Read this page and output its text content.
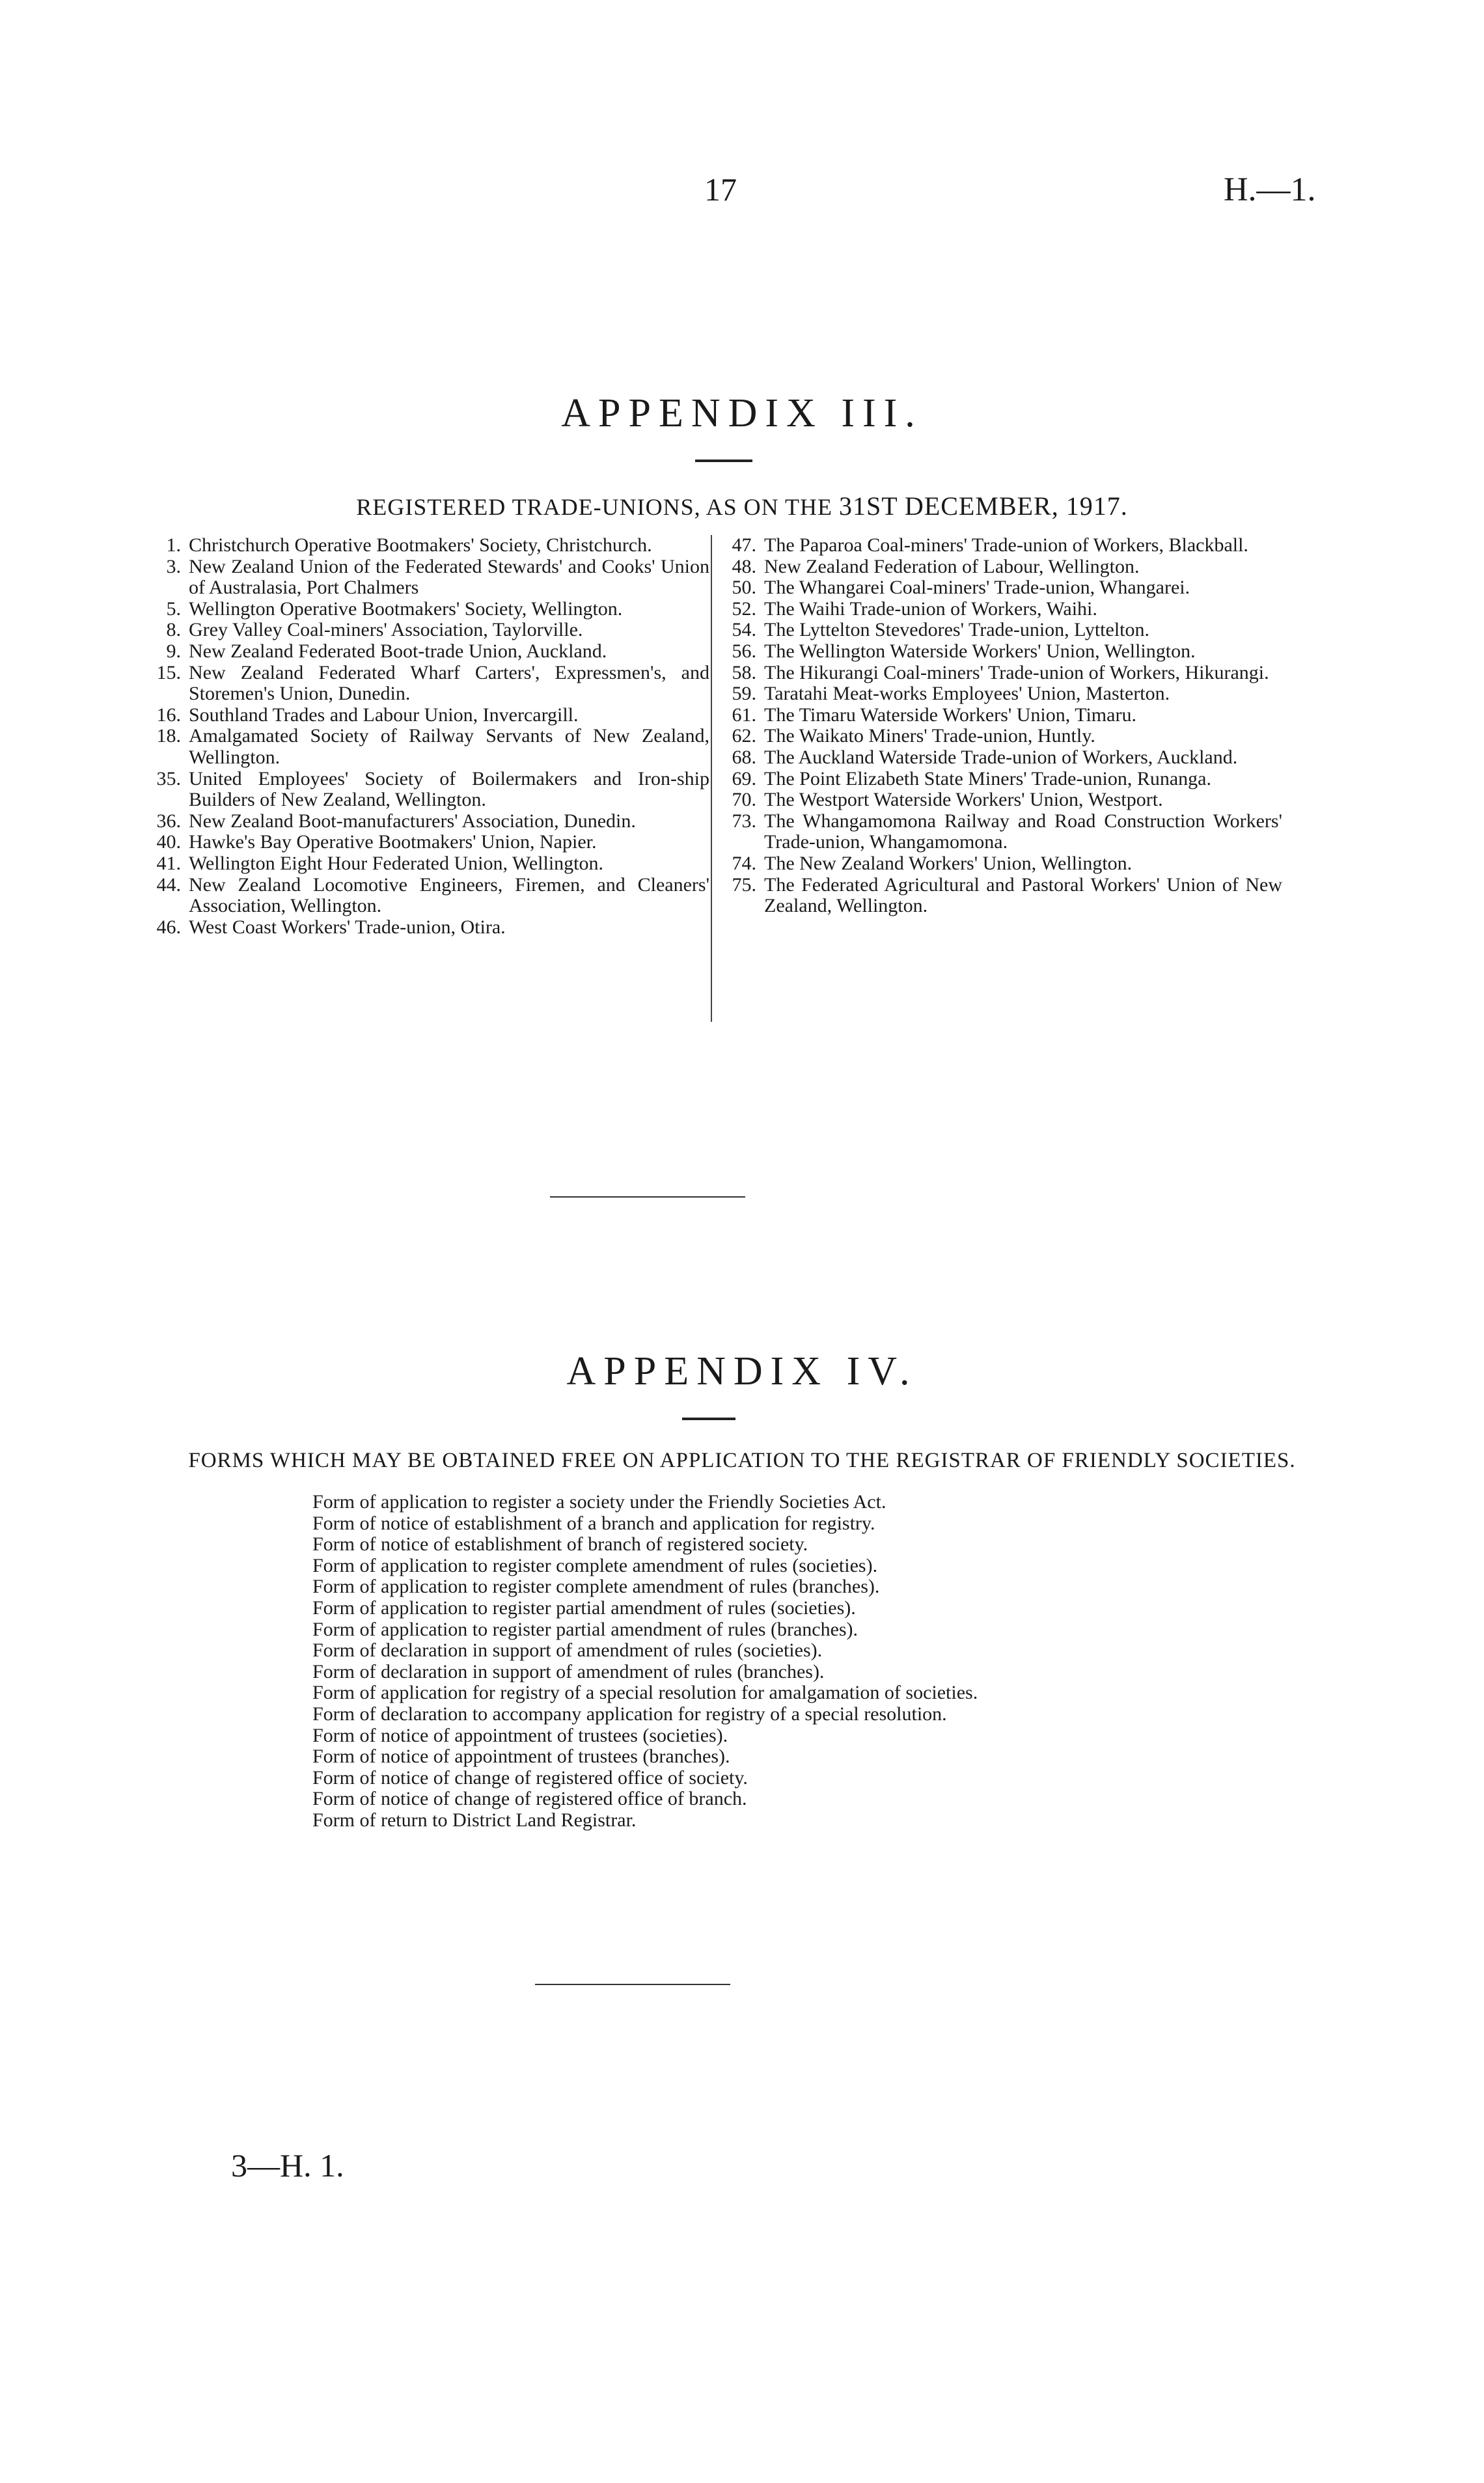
17	H.—1.
APPENDIX III.
REGISTERED TRADE-UNIONS, AS ON THE 31ST DECEMBER, 1917.
1. Christchurch Operative Bootmakers' Society, Christchurch.
3. New Zealand Union of the Federated Stewards' and Cooks' Union of Australasia, Port Chalmers
5. Wellington Operative Bootmakers' Society, Wellington.
8. Grey Valley Coal-miners' Association, Taylorville.
9. New Zealand Federated Boot-trade Union, Auckland.
15. New Zealand Federated Wharf Carters', Expressmen's, and Storemen's Union, Dunedin.
16. Southland Trades and Labour Union, Invercargill.
18. Amalgamated Society of Railway Servants of New Zealand, Wellington.
35. United Employees' Society of Boilermakers and Iron-ship Builders of New Zealand, Wellington.
36. New Zealand Boot-manufacturers' Association, Dunedin.
40. Hawke's Bay Operative Bootmakers' Union, Napier.
41. Wellington Eight Hour Federated Union, Wellington.
44. New Zealand Locomotive Engineers, Firemen, and Cleaners' Association, Wellington.
46. West Coast Workers' Trade-union, Otira.
47. The Paparoa Coal-miners' Trade-union of Workers, Blackball.
48. New Zealand Federation of Labour, Wellington.
50. The Whangarei Coal-miners' Trade-union, Whangarei.
52. The Waihi Trade-union of Workers, Waihi.
54. The Lyttelton Stevedores' Trade-union, Lyttelton.
56. The Wellington Waterside Workers' Union, Wellington.
58. The Hikurangi Coal-miners' Trade-union of Workers, Hikurangi.
59. Taratahi Meat-works Employees' Union, Masterton.
61. The Timaru Waterside Workers' Union, Timaru.
62. The Waikato Miners' Trade-union, Huntly.
68. The Auckland Waterside Trade-union of Workers, Auckland.
69. The Point Elizabeth State Miners' Trade-union, Runanga.
70. The Westport Waterside Workers' Union, Westport.
73. The Whangamomona Railway and Road Construction Workers' Trade-union, Whangamomona.
74. The New Zealand Workers' Union, Wellington.
75. The Federated Agricultural and Pastoral Workers' Union of New Zealand, Wellington.
APPENDIX IV.
FORMS WHICH MAY BE OBTAINED FREE ON APPLICATION TO THE REGISTRAR OF FRIENDLY SOCIETIES.
Form of application to register a society under the Friendly Societies Act.
Form of notice of establishment of a branch and application for registry.
Form of notice of establishment of branch of registered society.
Form of application to register complete amendment of rules (societies).
Form of application to register complete amendment of rules (branches).
Form of application to register partial amendment of rules (societies).
Form of application to register partial amendment of rules (branches).
Form of declaration in support of amendment of rules (societies).
Form of declaration in support of amendment of rules (branches).
Form of application for registry of a special resolution for amalgamation of societies.
Form of declaration to accompany application for registry of a special resolution.
Form of notice of appointment of trustees (societies).
Form of notice of appointment of trustees (branches).
Form of notice of change of registered office of society.
Form of notice of change of registered office of branch.
Form of return to District Land Registrar.
3—H. 1.
